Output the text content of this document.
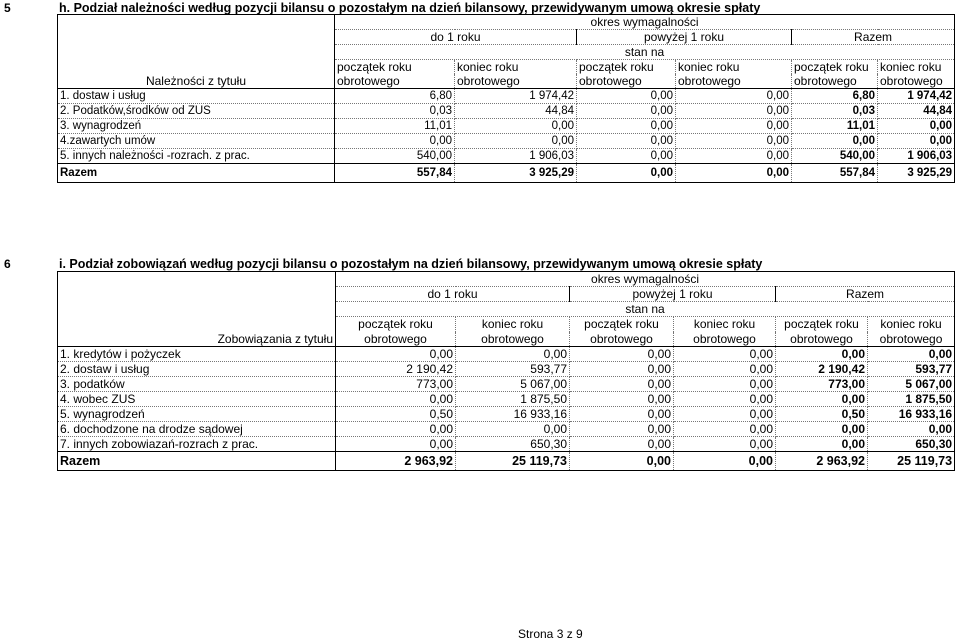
5	h. Podział należności według pozycji bilansu o pozostałym na dzień bilansowy, przewidywanym umową okresie spłaty
	okres wymagalności					
	do 1 roku		powyżej 1 roku		Razem	
	stan na					
	początek roku	koniec roku	początek roku	koniec roku	początek roku	koniec roku
Należności z tytułu	obrotowego	obrotowego	obrotowego	obrotowego	obrotowego	obrotowego
1. dostaw i usług	6,80	1 974,42	0,00	0,00	6,80	1 974,42
2. Podatków,środków od ZUS	0,03	44,84	0,00	0,00	0,03	44,84
3. wynagrodzeń	11,01	0,00	0,00	0,00	11,01	0,00
4.zawartych umów	0,00	0,00	0,00	0,00	0,00	0,00
5. innych należności -rozrach. z prac.	540,00	1 906,03	0,00	0,00	540,00	1 906,03
Razem	557,84	3 925,29	0,00	0,00	557,84	3 925,29
6	i. Podział zobowiązań według pozycji bilansu o pozostałym na dzień bilansowy, przewidywanym umową okresie spłaty
	okres wymagalności					
	do 1 roku		powyżej 1 roku		Razem	
	stan na					
	początek roku	koniec roku	początek roku	koniec roku	początek roku	koniec roku
Zobowiązania z tytułu	obrotowego	obrotowego	obrotowego	obrotowego	obrotowego	obrotowego
1. kredytów i pożyczek	0,00	0,00	0,00	0,00	0,00	0,00
2. dostaw i usług	2 190,42	593,77	0,00	0,00	2 190,42	593,77
3. podatków	773,00	5 067,00	0,00	0,00	773,00	5 067,00
4. wobec ZUS	0,00	1 875,50	0,00	0,00	0,00	1 875,50
5. wynagrodzeń	0,50	16 933,16	0,00	0,00	0,50	16 933,16
6. dochodzone na drodze sądowej	0,00	0,00	0,00	0,00	0,00	0,00
7. innych zobowiazań-rozrach z prac.	0,00	650,30	0,00	0,00	0,00	650,30
Razem	2 963,92	25 119,73	0,00	0,00	2 963,92	25 119,73
Strona 3 z 9
